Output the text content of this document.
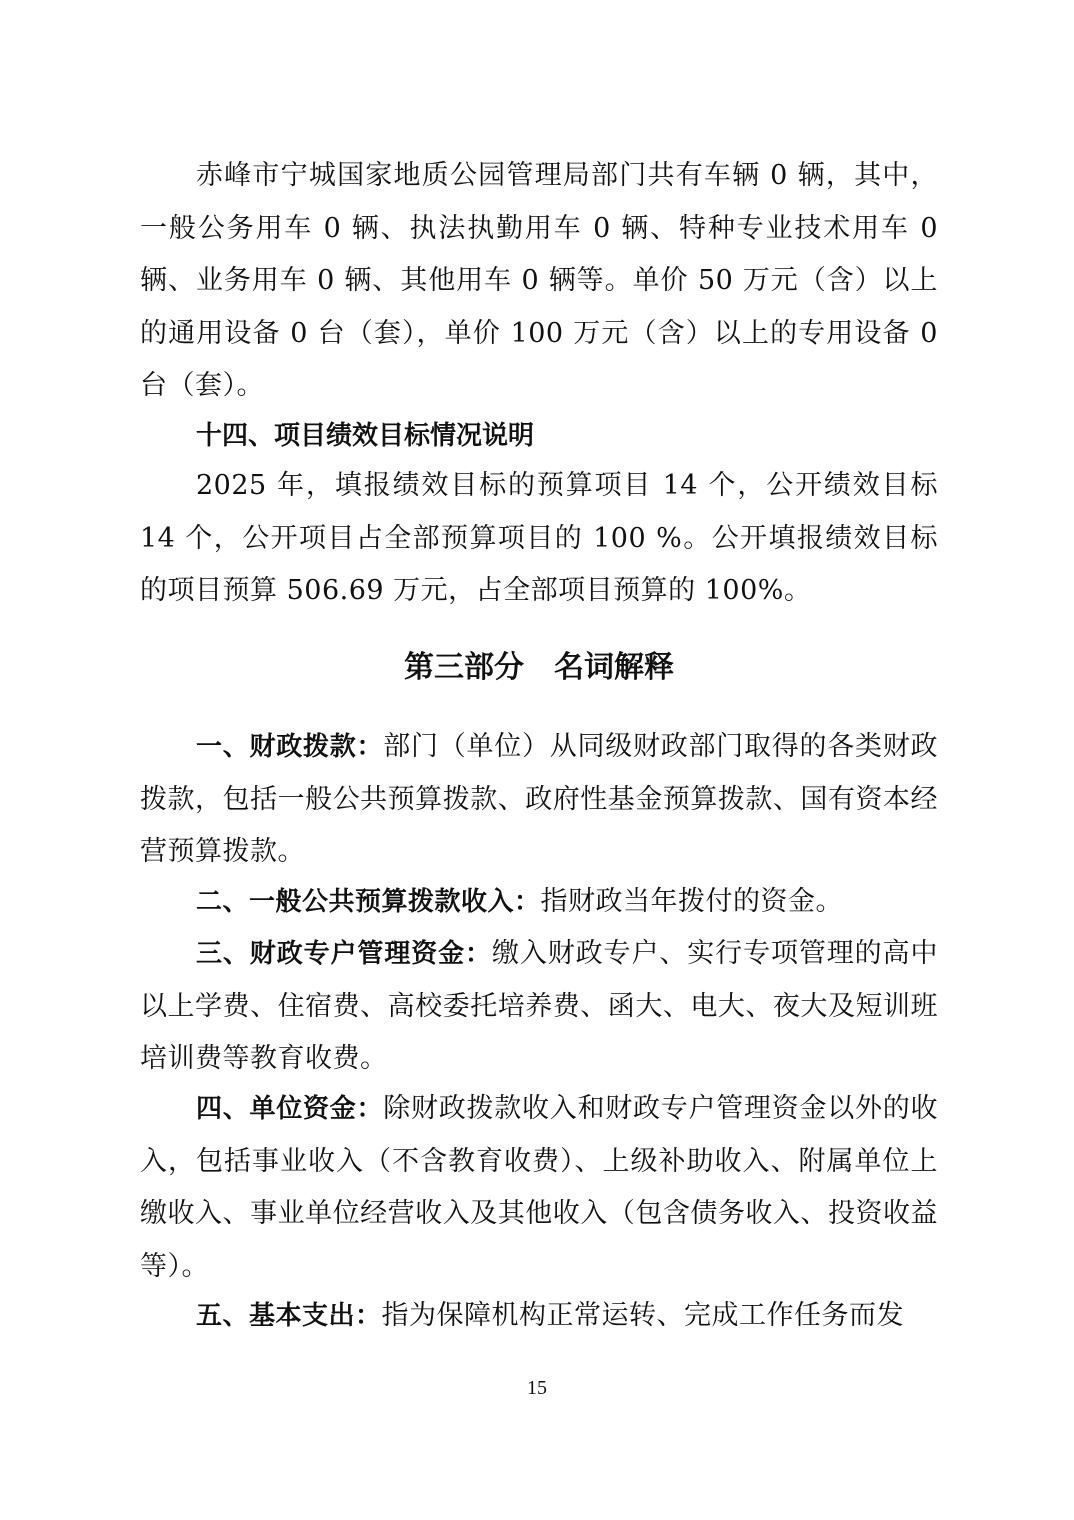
赤峰市宁城国家地质公园管理局部门共有车辆 0 辆，其中，一般公务用车 0 辆、执法执勤用车 0 辆、特种专业技术用车 0 辆、业务用车 0 辆、其他用车 0 辆等。单价 50 万元（含）以上的通用设备 0 台（套），单价 100 万元（含）以上的专用设备 0 台（套）。

十四、项目绩效目标情况说明

2025 年，填报绩效目标的预算项目 14 个，公开绩效目标 14 个，公开项目占全部预算项目的 100 %。公开填报绩效目标的项目预算 506.69 万元，占全部项目预算的 100%。

第三部分　名词解释

一、财政拨款：部门（单位）从同级财政部门取得的各类财政拨款，包括一般公共预算拨款、政府性基金预算拨款、国有资本经营预算拨款。

二、一般公共预算拨款收入：指财政当年拨付的资金。

三、财政专户管理资金：缴入财政专户、实行专项管理的高中以上学费、住宿费、高校委托培养费、函大、电大、夜大及短训班培训费等教育收费。

四、单位资金：除财政拨款收入和财政专户管理资金以外的收入，包括事业收入（不含教育收费）、上级补助收入、附属单位上缴收入、事业单位经营收入及其他收入（包含债务收入、投资收益等）。

五、基本支出：指为保障机构正常运转、完成工作任务而发

15
